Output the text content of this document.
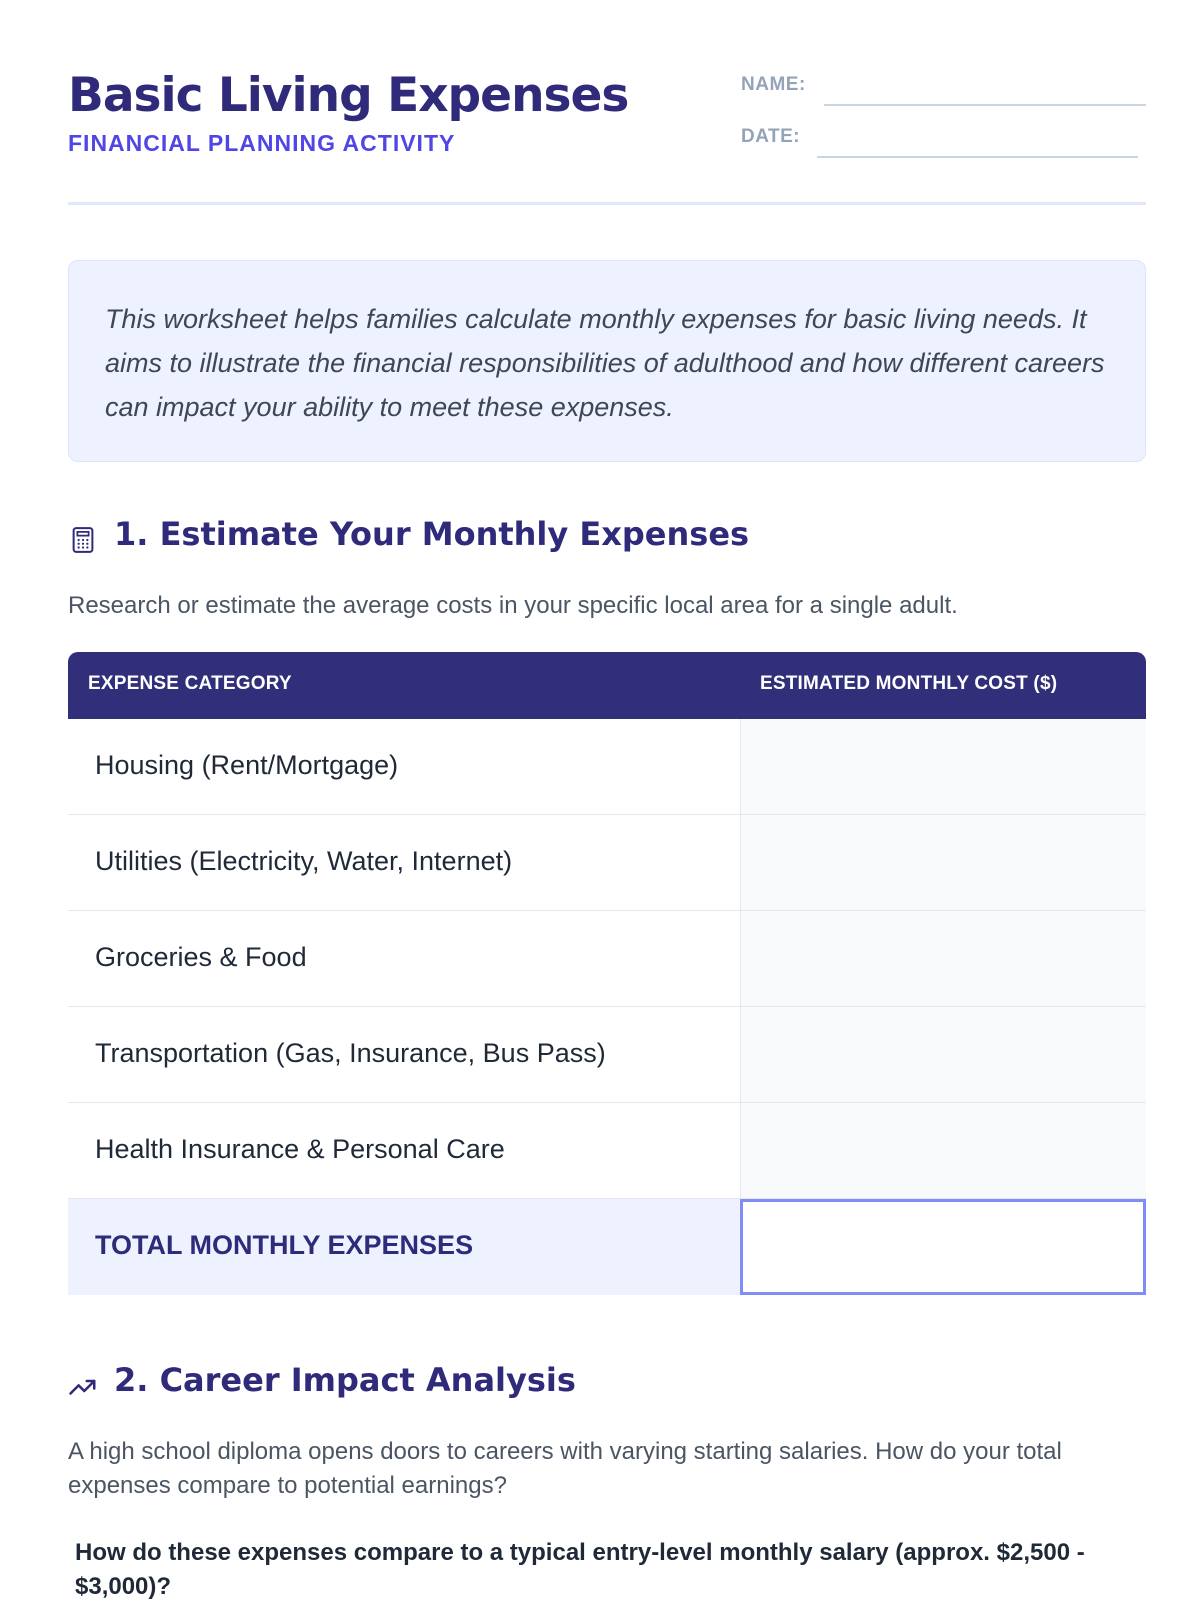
Basic Living Expenses
FINANCIAL PLANNING ACTIVITY
NAME:
DATE:

This worksheet helps families calculate monthly expenses for basic living needs. It aims to illustrate the financial responsibilities of adulthood and how different careers can impact your ability to meet these expenses.

1. Estimate Your Monthly Expenses
Research or estimate the average costs in your specific local area for a single adult.
EXPENSE CATEGORY	ESTIMATED MONTHLY COST ($)
Housing (Rent/Mortgage)
Utilities (Electricity, Water, Internet)
Groceries & Food
Transportation (Gas, Insurance, Bus Pass)
Health Insurance & Personal Care
TOTAL MONTHLY EXPENSES
2. Career Impact Analysis
A high school diploma opens doors to careers with varying starting salaries. How do your total expenses compare to potential earnings?
How do these expenses compare to a typical entry-level monthly salary (approx. $2,500 - $3,000)?
